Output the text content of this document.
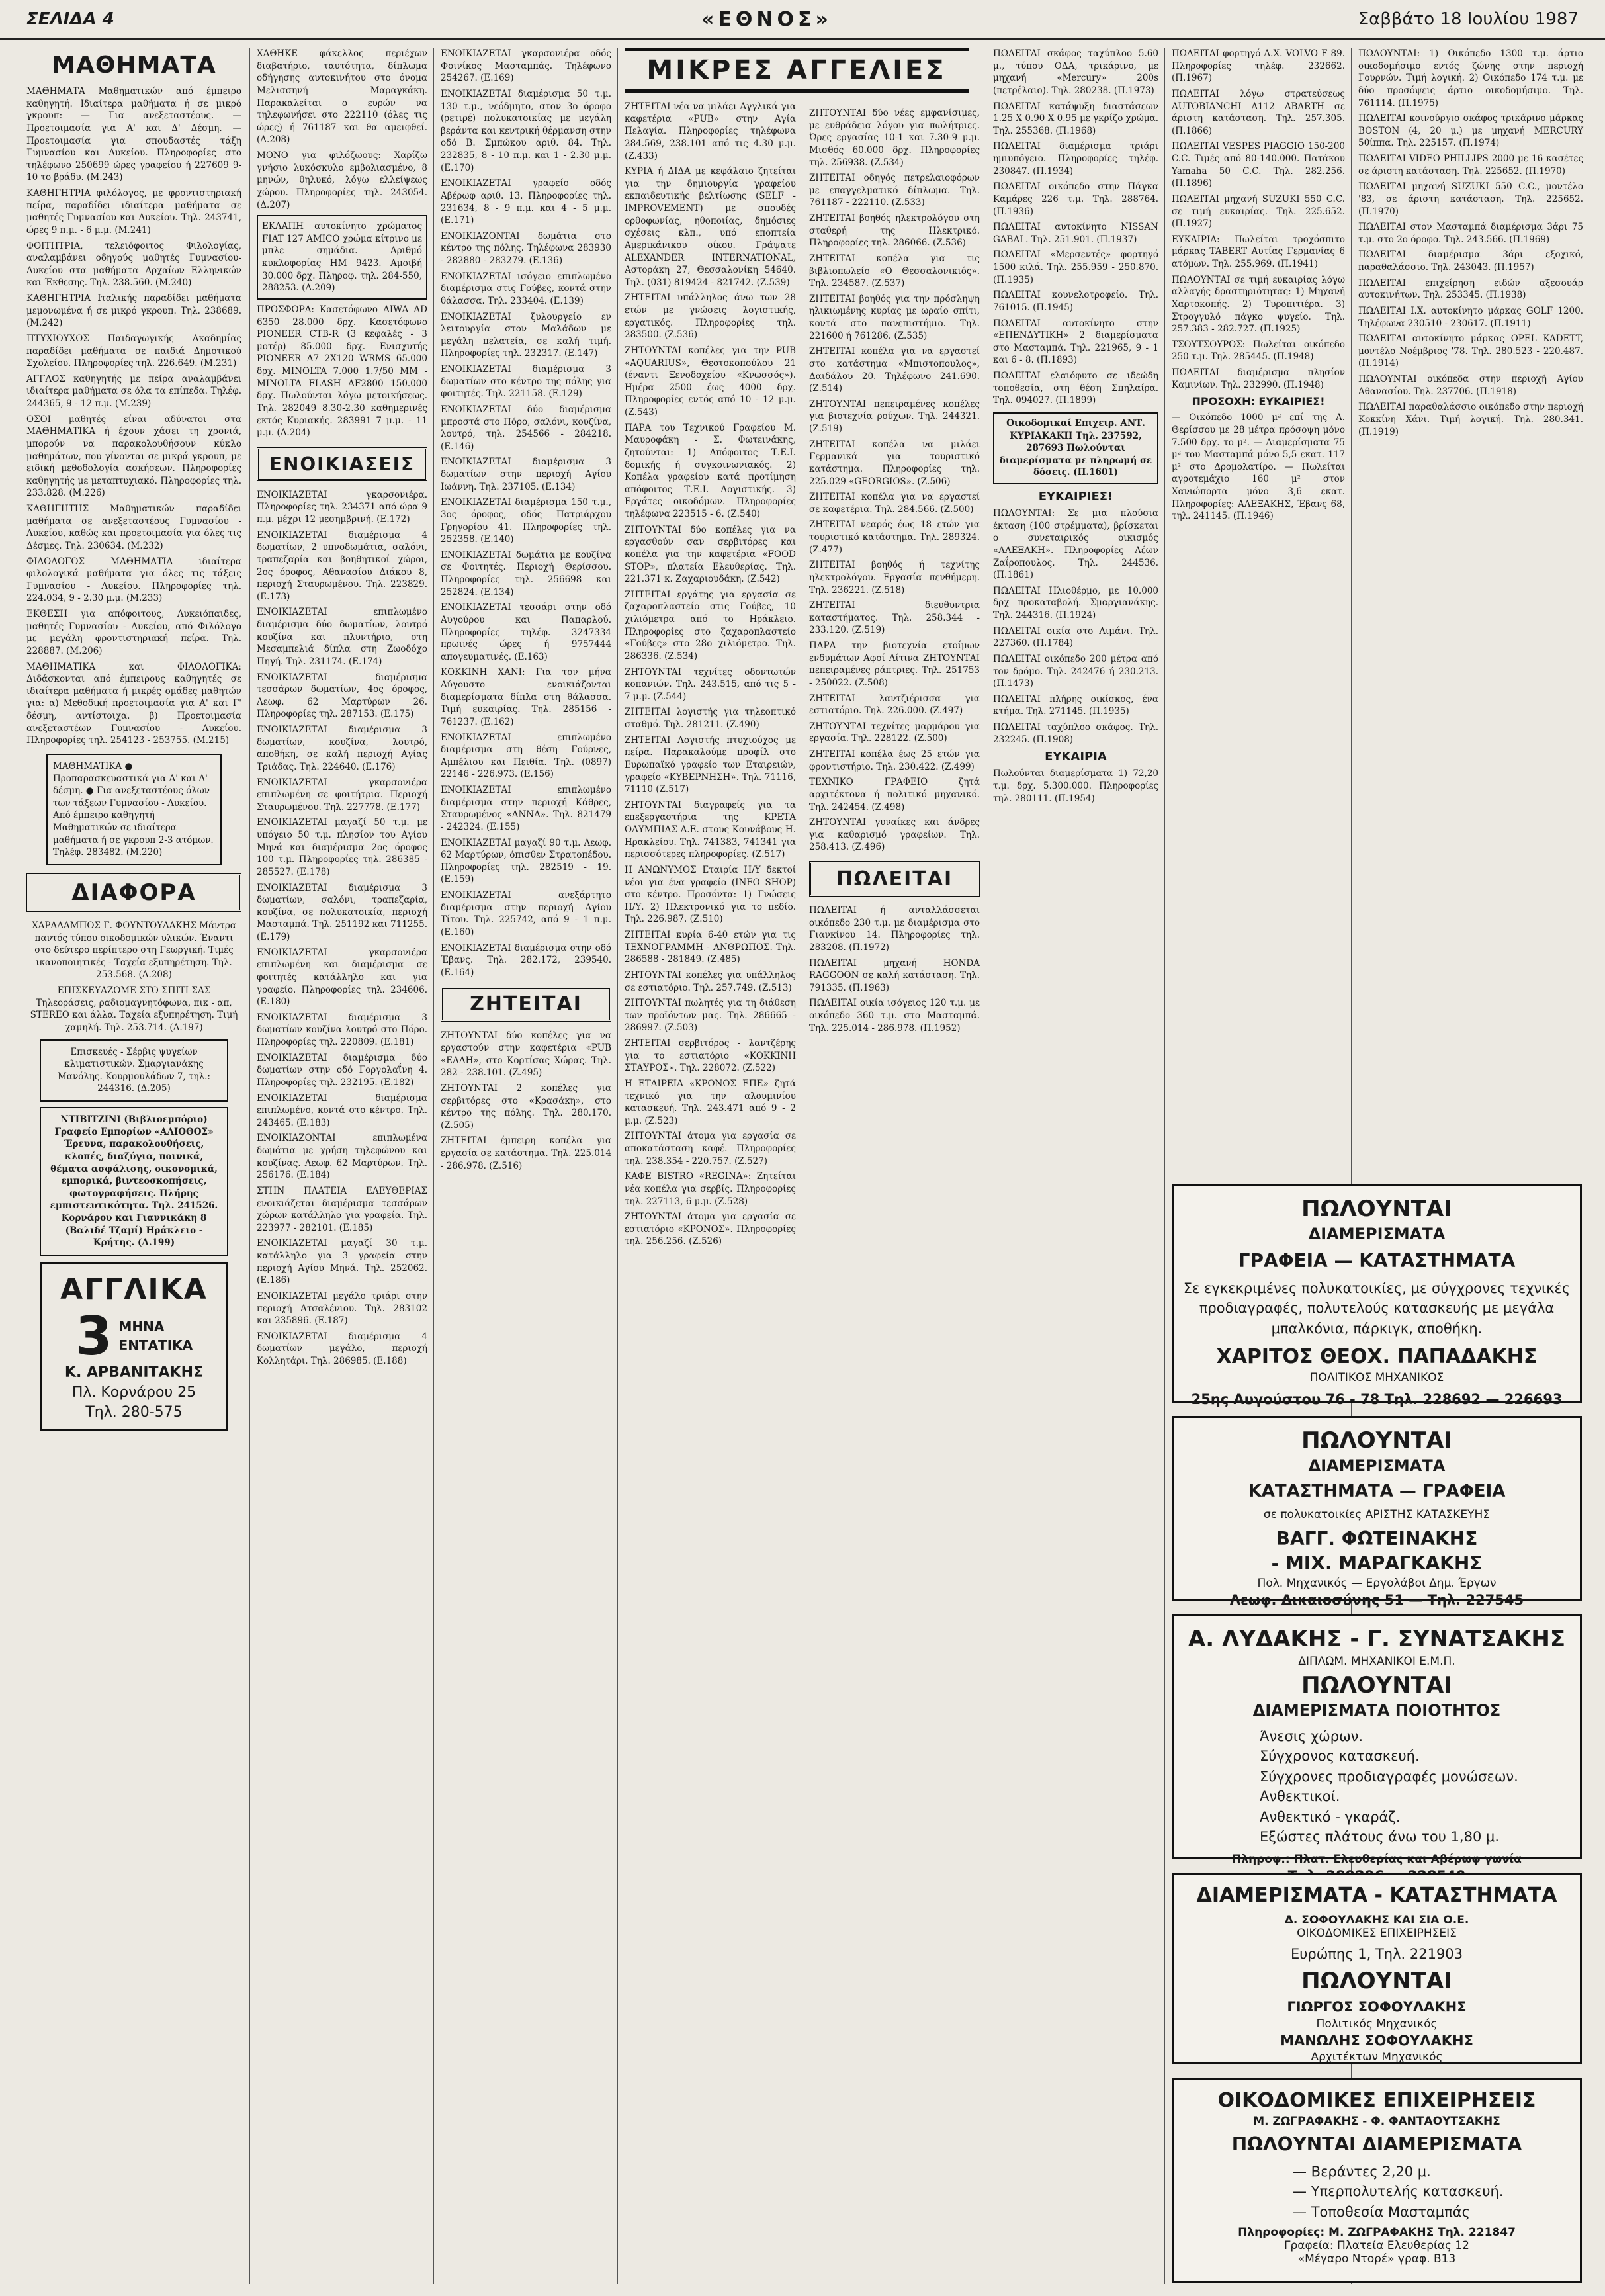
ΣΕΛΙΔΑ 4	«ΕΘΝΟΣ»	Σαββάτο 18 Ιουλίου 1987
ΜΑΘΗΜΑΤΑ

ΜΑΘΗΜΑΤΑ Μαθηματικών από έμπειρο καθηγητή. Ιδιαίτερα μαθήματα ή σε μικρό γκρουπ: — Για ανεξεταστέους. — Προετοιμασία για Α' και Δ' Δέσμη. — Προετοιμασία για σπουδαστές τάξη Γυμνασίου και Λυκείου. Πληροφορίες στο τηλέφωνο 250699 ώρες γραφείου ή 227609 9-10 το βράδυ. (Μ.243)

ΚΑΘΗΓΗΤΡΙΑ φιλόλογος, με φροντιστηριακή πείρα, παραδίδει ιδιαίτερα μαθήματα σε μαθητές Γυμνασίου και Λυκείου. Τηλ. 243741, ώρες 9 π.μ. - 6 μ.μ. (Μ.241)

ΦΟΙΤΗΤΡΙΑ, τελειόφοιτος Φιλολογίας, αναλαμβάνει οδηγούς μαθητές Γυμνασίου-Λυκείου στα μαθήματα Αρχαίων Ελληνικών και Έκθεσης. Τηλ. 238.560. (Μ.240)

ΚΑΘΗΓΗΤΡΙΑ Ιταλικής παραδίδει μαθήματα μεμονωμένα ή σε μικρό γκρουπ. Τηλ. 238689. (Μ.242)

ΠΤΥΧΙΟΥΧΟΣ Παιδαγωγικής Ακαδημίας παραδίδει μαθήματα σε παιδιά Δημοτικού Σχολείου. Πληροφορίες τηλ. 226.649. (Μ.231)

ΑΓΓΛΟΣ καθηγητής με πείρα αναλαμβάνει ιδιαίτερα μαθήματα σε όλα τα επίπεδα. Τηλέφ. 244365, 9 - 12 π.μ. (Μ.239)

ΟΣΟΙ μαθητές είναι αδύνατοι στα ΜΑΘΗΜΑΤΙΚΑ ή έχουν χάσει τη χρονιά, μπορούν να παρακολουθήσουν κύκλο μαθημάτων, που γίνονται σε μικρά γκρουπ, με ειδική μεθοδολογία ασκήσεων. Πληροφορίες καθηγητής με μεταπτυχιακό. Πληροφορίες τηλ. 233.828. (Μ.226)

ΚΑΘΗΓΗΤΗΣ Μαθηματικών παραδίδει μαθήματα σε ανεξεταστέους Γυμνασίου - Λυκείου, καθώς και προετοιμασία για όλες τις Δέσμες. Τηλ. 230634. (Μ.232)

ΦΙΛΟΛΟΓΟΣ ΜΑΘΗΜΑΤΙΑ ιδιαίτερα φιλολογικά μαθήματα για όλες τις τάξεις Γυμνασίου - Λυκείου. Πληροφορίες τηλ. 224.034, 9 - 2.30 μ.μ. (Μ.233)

ΕΚΘΕΣΗ για απόφοιτους, Λυκειόπαιδες, μαθητές Γυμνασίου - Λυκείου, από Φιλόλογο με μεγάλη φροντιστηριακή πείρα. Τηλ. 228887. (Μ.206)

ΜΑΘΗΜΑΤΙΚΑ και ΦΙΛΟΛΟΓΙΚΑ: Διδάσκονται από έμπειρους καθηγητές σε ιδιαίτερα μαθήματα ή μικρές ομάδες μαθητών για: α) Μεθοδική προετοιμασία για Α' και Γ' δέσμη, αντίστοιχα. β) Προετοιμασία ανεξεταστέων Γυμνασίου - Λυκείου. Πληροφορίες τηλ. 254123 - 253755. (Μ.215)

ΜΑΘΗΜΑΤΙΚΑ ● Προπαρασκευαστικά για Α' και Δ' δέσμη. ● Για ανεξεταστέους όλων των τάξεων Γυμνασίου - Λυκείου. Από έμπειρο καθηγητή Μαθηματικών σε ιδιαίτερα μαθήματα ή σε γκρουπ 2-3 ατόμων. Τηλέφ. 283482. (Μ.220)
ΔΙΑΦΟΡΑ

ΧΑΡΑΛΑΜΠΟΣ Γ. ΦΟΥΝΤΟΥΛΑΚΗΣ Μάντρα παντός τύπου οικοδομικών υλικών. Έναντι στο δεύτερο περίπτερο στη Γεωργική. Τιμές ικανοποιητικές - Ταχεία εξυπηρέτηση. Τηλ. 253.568. (Δ.208)

ΕΠΙΣΚΕΥΑΖΟΜΕ ΣΤΟ ΣΠΙΤΙ ΣΑΣ Τηλεοράσεις, ραδιομαγνητόφωνα, πικ - απ, STEREO και άλλα. Ταχεία εξυπηρέτηση. Τιμή χαμηλή. Τηλ. 253.714. (Δ.197)

Επισκευές - Σέρβις ψυγείων κλιματιστικών. Σμαργιανάκης Μανόλης. Κουρμουλάδων 7, τηλ.: 244316. (Δ.205)
ΝΤΙΒΙΤΖΙΝΙ (Βιβλιοεμπόριο) Γραφείο Εμπορίων «ΑΛΙΟΘΟΣ» Έρευνα, παρακολουθήσεις, κλοπές, διαζύγια, ποινικά, θέματα ασφάλισης, οικονομικά, εμπορικά, βιντεοσκοπήσεις, φωτογραφήσεις. Πλήρης εμπιστευτικότητα. Τηλ. 241526. Κορνάρου και Γιαννικάκη 8 (Βαλιδέ Τζαμί) Ηράκλειο - Κρήτης. (Δ.199)
ΑΓΓΛΙΚΑ
3 ΜΗΝΑ
ΕΝΤΑΤΙΚΑ
Κ. ΑΡΒΑΝΙΤΑΚΗΣ
Πλ. Κορνάρου 25
Τηλ. 280-575

ΧΑΘΗΚΕ φάκελλος περιέχων διαβατήριο, ταυτότητα, δίπλωμα οδήγησης αυτοκινήτου στο όνομα Μελισσηνή Μαραγκάκη. Παρακαλείται ο ευρών να τηλεφωνήσει στο 222110 (όλες τις ώρες) ή 761187 και θα αμειφθεί. (Δ.208)

ΜΟΝΟ για φιλόζωους: Χαρίζω γνήσιο λυκόσκυλο εμβολιασμένο, 8 μηνών, θηλυκό, λόγω ελλείψεως χώρου. Πληροφορίες τηλ. 243054. (Δ.207)

ΕΚΛΑΠΗ αυτοκίνητο χρώματος FIAT 127 AMICO χρώμα κίτρινο με μπλε σημάδια. Αριθμό κυκλοφορίας ΗΜ 9423. Αμοιβή 30.000 δρχ. Πληροφ. τηλ. 284-550, 288253. (Δ.209)

ΠΡΟΣΦΟΡΑ: Κασετόφωνο AIWA AD 6350 28.000 δρχ. Κασετόφωνο PIONEER CTB-R (3 κεφαλές - 3 μοτέρ) 85.000 δρχ. Ενισχυτής PIONEER A7 2X120 WRMS 65.000 δρχ. MINOLTA 7.000 1.7/50 MM - MINOLTA FLASH AF2800 150.000 δρχ. Πωλούνται λόγω μετοικήσεως. Τηλ. 282049 8.30-2.30 καθημερινές εκτός Κυριακής. 283991 7 μ.μ. - 11 μ.μ. (Δ.204)

ΕΝΟΙΚΙΑΣΕΙΣ

ΕΝΟΙΚΙΑΖΕΤΑΙ γκαρσονιέρα. Πληροφορίες τηλ. 234371 από ώρα 9 π.μ. μέχρι 12 μεσημβρινή. (Ε.172)

ΕΝΟΙΚΙΑΖΕΤΑΙ διαμέρισμα 4 δωματίων, 2 υπνοδωμάτια, σαλόνι, τραπεζαρία και βοηθητικοί χώροι, 2ος όροφος, Αθανασίου Διάκου 8, περιοχή Σταυρωμένου. Τηλ. 223829. (Ε.173)

ΕΝΟΙΚΙΑΖΕΤΑΙ επιπλωμένο διαμέρισμα δύο δωματίων, λουτρό κουζίνα και πλυντήριο, στη Μεσαμπελιά δίπλα στη Ζωοδόχο Πηγή. Τηλ. 231174. (Ε.174)

ΕΝΟΙΚΙΑΖΕΤΑΙ διαμέρισμα τεσσάρων δωματίων, 4ος όροφος, Λεωφ. 62 Μαρτύρων 26. Πληροφορίες τηλ. 287153. (Ε.175)

ΕΝΟΙΚΙΑΖΕΤΑΙ διαμέρισμα 3 δωματίων, κουζίνα, λουτρό, αποθήκη, σε καλή περιοχή Αγίας Τριάδας. Τηλ. 224640. (Ε.176)

ΕΝΟΙΚΙΑΖΕΤΑΙ γκαρσονιέρα επιπλωμένη σε φοιτήτρια. Περιοχή Σταυρωμένου. Τηλ. 227778. (Ε.177)

ΕΝΟΙΚΙΑΖΕΤΑΙ μαγαζί 50 τ.μ. με υπόγειο 50 τ.μ. πλησίον του Αγίου Μηνά και διαμέρισμα 2ος όροφος 100 τ.μ. Πληροφορίες τηλ. 286385 - 285527. (Ε.178)

ΕΝΟΙΚΙΑΖΕΤΑΙ διαμέρισμα 3 δωματίων, σαλόνι, τραπεζαρία, κουζίνα, σε πολυκατοικία, περιοχή Μασταμπά. Τηλ. 251192 και 711255. (Ε.179)

ΕΝΟΙΚΙΑΖΕΤΑΙ γκαρσονιέρα επιπλωμένη και διαμέρισμα σε φοιτητές κατάλληλο και για γραφείο. Πληροφορίες τηλ. 234606. (Ε.180)

ΕΝΟΙΚΙΑΖΕΤΑΙ διαμέρισμα 3 δωματίων κουζίνα λουτρό στο Πόρο. Πληροφορίες τηλ. 220809. (Ε.181)

ΕΝΟΙΚΙΑΖΕΤΑΙ διαμέρισμα δύο δωματίων στην οδό Γοργολαΐνη 4. Πληροφορίες τηλ. 232195. (Ε.182)

ΕΝΟΙΚΙΑΖΕΤΑΙ διαμέρισμα επιπλωμένο, κοντά στο κέντρο. Τηλ. 243465. (Ε.183)

ΕΝΟΙΚΙΑΖΟΝΤΑΙ επιπλωμένα δωμάτια με χρήση τηλεφώνου και κουζίνας. Λεωφ. 62 Μαρτύρων. Τηλ. 256176. (Ε.184)

ΣΤΗΝ ΠΛΑΤΕΙΑ ΕΛΕΥΘΕΡΙΑΣ ενοικιάζεται διαμέρισμα τεσσάρων χώρων κατάλληλο για γραφεία. Τηλ. 223977 - 282101. (Ε.185)

ΕΝΟΙΚΙΑΖΕΤΑΙ μαγαζί 30 τ.μ. κατάλληλο για 3 γραφεία στην περιοχή Αγίου Μηνά. Τηλ. 252062. (Ε.186)

ΕΝΟΙΚΙΑΖΕΤΑΙ μεγάλο τριάρι στην περιοχή Ατσαλένιου. Τηλ. 283102 και 235896. (Ε.187)

ΕΝΟΙΚΙΑΖΕΤΑΙ διαμέρισμα 4 δωματίων μεγάλο, περιοχή Κολλητάρι. Τηλ. 286985. (Ε.188)

ΕΝΟΙΚΙΑΖΕΤΑΙ γκαρσονιέρα οδός Φοινίκος Μασταμπάς. Τηλέφωνο 254267. (Ε.169)

ΕΝΟΙΚΙΑΖΕΤΑΙ διαμέρισμα 50 τ.μ. 130 τ.μ., νεόδμητο, στον 3ο όροφο (ρετιρέ) πολυκατοικίας με μεγάλη βεράντα και κεντρική θέρμανση στην οδό Β. Σμπώκου αριθ. 84. Τηλ. 232835, 8 - 10 π.μ. και 1 - 2.30 μ.μ. (Ε.170)

ΕΝΟΙΚΙΑΖΕΤΑΙ γραφείο οδός Αβέρωφ αριθ. 13. Πληροφορίες τηλ. 231634, 8 - 9 π.μ. και 4 - 5 μ.μ. (Ε.171)

ΕΝΟΙΚΙΑΖΟΝΤΑΙ δωμάτια στο κέντρο της πόλης. Τηλέφωνα 283930 - 282880 - 283279. (Ε.136)

ΕΝΟΙΚΙΑΖΕΤΑΙ ισόγειο επιπλωμένο διαμέρισμα στις Γούβες, κοντά στην θάλασσα. Τηλ. 233404. (Ε.139)

ΕΝΟΙΚΙΑΖΕΤΑΙ ξυλουργείο εν λειτουργία στον Μαλάδων με μεγάλη πελατεία, σε καλή τιμή. Πληροφορίες τηλ. 232317. (Ε.147)

ΕΝΟΙΚΙΑΖΕΤΑΙ διαμέρισμα 3 δωματίων στο κέντρο της πόλης για φοιτητές. Τηλ. 221158. (Ε.129)

ΕΝΟΙΚΙΑΖΕΤΑΙ δύο διαμέρισμα μπροστά στο Πόρο, σαλόνι, κουζίνα, λουτρό, τηλ. 254566 - 284218. (Ε.146)

ΕΝΟΙΚΙΑΖΕΤΑΙ διαμέρισμα 3 δωματίων στην περιοχή Αγίου Ιωάννη. Τηλ. 237105. (Ε.134)

ΕΝΟΙΚΙΑΖΕΤΑΙ διαμέρισμα 150 τ.μ., 3ος όροφος, οδός Πατριάρχου Γρηγορίου 41. Πληροφορίες τηλ. 252358. (Ε.140)

ΕΝΟΙΚΙΑΖΕΤΑΙ δωμάτια με κουζίνα σε Φοιτητές. Περιοχή Θερίσσου. Πληροφορίες τηλ. 256698 και 252824. (Ε.134)

ΕΝΟΙΚΙΑΖΕΤΑΙ τεσσάρι στην οδό Αυγούρου και Παπαρλού. Πληροφορίες τηλέφ. 3247334 πρωινές ώρες ή 9757444 απογευματινές. (Ε.163)

ΚΟΚΚΙΝΗ ΧΑΝΙ: Για τον μήνα Αύγουστο ενοικιάζονται διαμερίσματα δίπλα στη θάλασσα. Τιμή ευκαιρίας. Τηλ. 285156 - 761237. (Ε.162)

ΕΝΟΙΚΙΑΖΕΤΑΙ επιπλωμένο διαμέρισμα στη θέση Γούρνες, Αμπέλιου και Πειθία. Τηλ. (0897) 22146 - 226.973. (Ε.156)

ΕΝΟΙΚΙΑΖΕΤΑΙ επιπλωμένο διαμέρισμα στην περιοχή Κάθρες, Σταυρωμένος «ANNA». Τηλ. 821479 - 242324. (Ε.155)

ΕΝΟΙΚΙΑΖΕΤΑΙ μαγαζί 90 τ.μ. Λεωφ. 62 Μαρτύρων, όπισθεν Στρατοπέδου. Πληροφορίες τηλ. 282519 - 19. (Ε.159)

ΕΝΟΙΚΙΑΖΕΤΑΙ ανεξάρτητο διαμέρισμα στην περιοχή Αγίου Τίτου. Τηλ. 225742, από 9 - 1 π.μ. (Ε.160)

ΕΝΟΙΚΙΑΖΕΤΑΙ διαμέρισμα στην οδό Έβανς. Τηλ. 282.172, 239540. (Ε.164)

ΖΗΤΕΙΤΑΙ

ΖΗΤΟΥΝΤΑΙ δύο κοπέλες για να εργαστούν στην καφετέρια «PUB «ΕΛΛΗ», στο Κορτίσας Χώρας. Τηλ. 282 - 238.101. (Ζ.495)

ΖΗΤΟΥΝΤΑΙ 2 κοπέλες για σερβιτόρες στο «Κρασάκη», στο κέντρο της πόλης. Τηλ. 280.170. (Ζ.505)

ΖΗΤΕΙΤΑΙ έμπειρη κοπέλα για εργασία σε κατάστημα. Τηλ. 225.014 - 286.978. (Ζ.516)

ΜΙΚΡΕΣ ΑΓΓΕΛΙΕΣ

ΖΗΤΕΙΤΑΙ νέα να μιλάει Αγγλικά για καφετέρια «PUB» στην Αγία Πελαγία. Πληροφορίες τηλέφωνα 284.569, 238.101 από τις 4.30 μ.μ. (Ζ.433)

ΚΥΡΙΑ ή ΔΙΔΑ με κεφάλαιο ζητείται για την δημιουργία γραφείου εκπαιδευτικής βελτίωσης (SELF - IMPROVEMENT) με σπουδές ορθοφωνίας, ηθοποιίας, δημόσιες σχέσεις κλπ., υπό εποπτεία Αμερικάνικου οίκου. Γράψατε ALEXANDER INTERNATIONAL, Αστοράκη 27, Θεσσαλονίκη 54640. Τηλ. (031) 819424 - 821742. (Ζ.539)

ΖΗΤΕΙΤΑΙ υπάλληλος άνω των 28 ετών με γνώσεις λογιστικής, εργατικός. Πληροφορίες τηλ. 283500. (Ζ.536)

ΖΗΤΟΥΝΤΑΙ κοπέλες για την PUB «AQUARIUS», Θεοτοκοπούλου 21 (έναντι Ξενοδοχείου «Κνωσσός»). Ημέρα 2500 έως 4000 δρχ. Πληροφορίες εντός από 10 - 12 μ.μ. (Ζ.543)

ΠΑΡΑ του Τεχνικού Γραφείου Μ. Μαυροφάκη - Σ. Φωτεινάκης, ζητούνται: 1) Απόφοιτος Τ.Ε.Ι. δομικής ή συγκοινωνιακός. 2) Κοπέλα γραφείου κατά προτίμηση απόφοιτος Τ.Ε.Ι. Λογιστικής. 3) Εργάτες οικοδόμων. Πληροφορίες τηλέφωνα 223515 - 6. (Ζ.540)

ΖΗΤΟΥΝΤΑΙ δύο κοπέλες για να εργασθούν σαν σερβιτόρες και κοπέλα για την καφετέρια «FOOD STOP», πλατεία Ελευθερίας. Τηλ. 221.371 κ. Ζαχαριουδάκη. (Ζ.542)

ΖΗΤΕΙΤΑΙ εργάτης για εργασία σε ζαχαροπλαστείο στις Γούβες, 10 χιλιόμετρα από το Ηράκλειο. Πληροφορίες στο ζαχαροπλαστείο «Γούβες» στο 28ο χιλιόμετρο. Τηλ. 286336. (Ζ.534)

ΖΗΤΟΥΝΤΑΙ τεχνίτες οδοντωτών κοπανιών. Τηλ. 243.515, από τις 5 - 7 μ.μ. (Ζ.544)

ΖΗΤΕΙΤΑΙ λογιστής για τηλεοπτικό σταθμό. Τηλ. 281211. (Ζ.490)

ΖΗΤΕΙΤΑΙ Λογιστής πτυχιούχος με πείρα. Παρακαλούμε προφίλ στο Ευρωπαϊκό γραφείο των Εταιρειών, γραφείο «ΚΥΒΕΡΝΗΣΗ». Τηλ. 71116, 71110 (Ζ.517)

ΖΗΤΟΥΝΤΑΙ διαγραφείς για τα επεξεργαστήρια της ΚΡΕΤΑ ΟΛΥΜΠΙΑΣ Α.Ε. στους Κουνάβους Η. Ηρακλείου. Τηλ. 741383, 741341 για περισσότερες πληροφορίες. (Ζ.517)

Η ΑΝΩΝΥΜΟΣ Εταιρία Η/Υ δεκτοί νέοι για ένα γραφείο (INFO SHOP) στο κέντρο. Προσόντα: 1) Γνώσεις Η/Υ. 2) Ηλεκτρονικό για το πεδίο. Τηλ. 226.987. (Ζ.510)

ΖΗΤΕΙΤΑΙ κυρία 6-40 ετών για τις ΤΕΧΝΟΓΡΑΜΜΗ - ΑΝΘΡΩΠΟΣ. Τηλ. 286588 - 281849. (Ζ.485)

ΖΗΤΟΥΝΤΑΙ κοπέλες για υπάλληλος σε εστιατόριο. Τηλ. 257.749. (Ζ.513)

ΖΗΤΟΥΝΤΑΙ πωλητές για τη διάθεση των προϊόντων μας. Τηλ. 286665 - 286997. (Ζ.503)

ΖΗΤΕΙΤΑΙ σερβιτόρος - λαντζέρης για το εστιατόριο «ΚΟΚΚΙΝΗ ΣΤΑΥΡΟΣ». Τηλ. 228072. (Ζ.522)

Η ΕΤΑΙΡΕΙΑ «ΚΡΟΝΟΣ ΕΠΕ» ζητά τεχνικό για την αλουμινίου κατασκευή. Τηλ. 243.471 από 9 - 2 μ.μ. (Ζ.523)

ΖΗΤΟΥΝΤΑΙ άτομα για εργασία σε αποκατάσταση καφέ. Πληροφορίες τηλ. 238.354 - 220.757. (Ζ.527)

ΚΑΦΕ BISTRO «REGINA»: Ζητείται νέα κοπέλα για σερβίς. Πληροφορίες τηλ. 227113, 6 μ.μ. (Ζ.528)

ΖΗΤΟΥΝΤΑΙ άτομα για εργασία σε εστιατόριο «ΚΡΟΝΟΣ». Πληροφορίες τηλ. 256.256. (Ζ.526)

ΖΗΤΟΥΝΤΑΙ δύο νέες εμφανίσιμες, με ευθράδεια λόγου για πωλήτριες. Ώρες εργασίας 10-1 και 7.30-9 μ.μ. Μισθός 60.000 δρχ. Πληροφορίες τηλ. 256938. (Ζ.534)

ΖΗΤΕΙΤΑΙ οδηγός πετρελαιοφόρων με επαγγελματικό δίπλωμα. Τηλ. 761187 - 222110. (Ζ.533)

ΖΗΤΕΙΤΑΙ βοηθός ηλεκτρολόγου στη σταθερή της Ηλεκτρικό. Πληροφορίες τηλ. 286066. (Ζ.536)

ΖΗΤΕΙΤΑΙ κοπέλα για τις βιβλιοπωλείο «Ο Θεσσαλονικιός». Τηλ. 234587. (Ζ.537)

ΖΗΤΕΙΤΑΙ βοηθός για την πρόσληψη ηλικιωμένης κυρίας με ωραίο σπίτι, κοντά στο πανεπιστήμιο. Τηλ. 221600 ή 761286. (Ζ.535)

ΖΗΤΕΙΤΑΙ κοπέλα για να εργαστεί στο κατάστημα «Μπιστοπουλος», Δαιδάλου 20. Τηλέφωνο 241.690. (Ζ.514)

ΖΗΤΟΥΝΤΑΙ πεπειραμένες κοπέλες για βιοτεχνία ρούχων. Τηλ. 244321. (Ζ.519)

ΖΗΤΕΙΤΑΙ κοπέλα να μιλάει Γερμανικά για τουριστικό κατάστημα. Πληροφορίες τηλ. 225.029 «GEORGIOS». (Ζ.506)

ΖΗΤΕΙΤΑΙ κοπέλα για να εργαστεί σε καφετέρια. Τηλ. 284.566. (Ζ.500)

ΖΗΤΕΙΤΑΙ νεαρός έως 18 ετών για τουριστικό κατάστημα. Τηλ. 289324. (Ζ.477)

ΖΗΤΕΙΤΑΙ βοηθός ή τεχνίτης ηλεκτρολόγου. Εργασία πενθήμερη. Τηλ. 236221. (Ζ.518)

ΖΗΤΕΙΤΑΙ διευθυντρια καταστήματος. Τηλ. 258.344 - 233.120. (Ζ.519)

ΠΑΡΑ την βιοτεχνία ετοίμων ενδυμάτων Αφοί Λίτινα ΖΗΤΟΥΝΤΑΙ πεπειραμένες ράπτριες. Τηλ. 251753 - 250022. (Ζ.508)

ΖΗΤΕΙΤΑΙ λαντζιέρισσα για εστιατόριο. Τηλ. 226.000. (Ζ.497)

ΖΗΤΟΥΝΤΑΙ τεχνίτες μαρμάρου για εργασία. Τηλ. 228122. (Ζ.500)

ΖΗΤΕΙΤΑΙ κοπέλα έως 25 ετών για φροντιστήριο. Τηλ. 230.422. (Ζ.499)

ΤΕΧΝΙΚΟ ΓΡΑΦΕΙΟ ζητά αρχιτέκτονα ή πολιτικό μηχανικό. Τηλ. 242454. (Ζ.498)

ΖΗΤΟΥΝΤΑΙ γυναίκες και άνδρες για καθαρισμό γραφείων. Τηλ. 258.413. (Ζ.496)

ΠΩΛΕΙΤΑΙ

ΠΩΛΕΙΤΑΙ ή ανταλλάσσεται οικόπεδο 230 τ.μ. με διαμέρισμα στο Γιανκίνου 14. Πληροφορίες τηλ. 283208. (Π.1972)

ΠΩΛΕΙΤΑΙ μηχανή HONDA RAGGOON σε καλή κατάσταση. Τηλ. 791335. (Π.1963)

ΠΩΛΕΙΤΑΙ οικία ισόγειος 120 τ.μ. με οικόπεδο 360 τ.μ. στο Μασταμπά. Τηλ. 225.014 - 286.978. (Π.1952)

ΠΩΛΕΙΤΑΙ σκάφος ταχύπλοο 5.60 μ., τύπου ΟΔΑ, τρικάρινο, με μηχανή «Mercury» 200s (πετρέλαιο). Τηλ. 280238. (Π.1973)

ΠΩΛΕΙΤΑΙ κατάψυξη διαστάσεων 1.25 Χ 0.90 Χ 0.95 με γκρίζο χρώμα. Τηλ. 255368. (Π.1968)

ΠΩΛΕΙΤΑΙ διαμέρισμα τριάρι ημιυπόγειο. Πληροφορίες τηλέφ. 230847. (Π.1934)

ΠΩΛΕΙΤΑΙ οικόπεδο στην Πάγκα Καμάρες 226 τ.μ. Τηλ. 288764. (Π.1936)

ΠΩΛΕΙΤΑΙ αυτοκίνητο NISSAN GABAL. Τηλ. 251.901. (Π.1937)

ΠΩΛΕΙΤΑΙ «Μερσεντές» φορτηγό 1500 κιλά. Τηλ. 255.959 - 250.870. (Π.1935)

ΠΩΛΕΙΤΑΙ κουνελοτροφείο. Τηλ. 761015. (Π.1945)

ΠΩΛΕΙΤΑΙ αυτοκίνητο στην «ΕΠΕΝΔΥΤΙΚΗ» 2 διαμερίσματα στο Μασταμπά. Τηλ. 221965, 9 - 1 και 6 - 8. (Π.1893)

ΠΩΛΕΙΤΑΙ ελαιόφυτο σε ιδεώδη τοποθεσία, στη θέση Σπηλαίρα. Τηλ. 094027. (Π.1899)

Οικοδομικαί Επιχειρ. ΑΝΤ. ΚΥΡΙΑΚΑΚΗ Τηλ. 237592, 287693 Πωλούνται διαμερίσματα με πληρωμή σε δόσεις. (Π.1601)
ΕΥΚΑΙΡΙΕΣ!

ΠΩΛΟΥΝΤΑΙ: Σε μια πλούσια έκταση (100 στρέμματα), βρίσκεται ο συνεταιρικός οικισμός «ΑΛΕΞΑΚΗ». Πληροφορίες Λέων Ζαΐροπουλος. Τηλ. 244536. (Π.1861)

ΠΩΛΕΙΤΑΙ Ηλιοθέρμο, με 10.000 δρχ προκαταβολή. Σμαργιανάκης. Τηλ. 244316. (Π.1924)

ΠΩΛΕΙΤΑΙ οικία στο Λιμάνι. Τηλ. 227360. (Π.1784)

ΠΩΛΕΙΤΑΙ οικόπεδο 200 μέτρα από τον δρόμο. Τηλ. 242476 ή 230.213. (Π.1473)

ΠΩΛΕΙΤΑΙ πλήρης οικίσκος, ένα κτήμα. Τηλ. 271145. (Π.1935)

ΠΩΛΕΙΤΑΙ ταχύπλοο σκάφος. Τηλ. 232245. (Π.1908)

ΕΥΚΑΙΡΙΑ

Πωλούνται διαμερίσματα 1) 72,20 τ.μ. δρχ. 5.300.000. Πληροφορίες τηλ. 280111. (Π.1954)

ΠΩΛΕΙΤΑΙ φορτηγό Δ.Χ. VOLVO F 89. Πληροφορίες τηλέφ. 232662. (Π.1967)

ΠΩΛΕΙΤΑΙ λόγω στρατεύσεως AUTOBIANCHI A112 ABARTH σε άριστη κατάσταση. Τηλ. 257.305. (Π.1866)

ΠΩΛΕΙΤΑΙ VESPES PIAGGIO 150-200 C.C. Τιμές από 80-140.000. Πατάκου Yamaha 50 C.C. Τηλ. 282.256. (Π.1896)

ΠΩΛΕΙΤΑΙ μηχανή SUZUKI 550 C.C. σε τιμή ευκαιρίας. Τηλ. 225.652. (Π.1927)

ΕΥΚΑΙΡΙΑ: Πωλείται τροχόσπιτο μάρκας TABERT Αυτίας Γερμανίας 6 ατόμων. Τηλ. 255.969. (Π.1941)

ΠΩΛΟΥΝΤΑΙ σε τιμή ευκαιρίας λόγω αλλαγής δραστηριότητας: 1) Μηχανή Χαρτοκοπής. 2) Τυροπιτιέρα. 3) Στρογγυλό πάγκο ψυγείο. Τηλ. 257.383 - 282.727. (Π.1925)

ΤΣΟΥΤΣΟΥΡΟΣ: Πωλείται οικόπεδο 250 τ.μ. Τηλ. 285445. (Π.1948)

ΠΩΛΕΙΤΑΙ διαμέρισμα πλησίον Καμινίων. Τηλ. 232990. (Π.1948)

ΠΡΟΣΟΧΗ: ΕΥΚΑΙΡΙΕΣ!

— Οικόπεδο 1000 μ² επί της Α. Θερίσσου με 28 μέτρα πρόσοψη μόνο 7.500 δρχ. το μ². — Διαμερίσματα 75 μ² του Μασταμπά μόνο 5,5 εκατ. 117 μ² στο Δρομολατίρο. — Πωλείται αγροτεμάχιο 160 μ² στον Χανιώπορτα μόνο 3,6 εκατ. Πληροφορίες: ΑΛΕΞΑΚΗΣ, Έβανς 68, τηλ. 241145. (Π.1946)

ΠΩΛΟΥΝΤΑΙ: 1) Οικόπεδο 1300 τ.μ. άρτιο οικοδομήσιμο εντός ζώνης στην περιοχή Γουρνών. Τιμή λογική. 2) Οικόπεδο 174 τ.μ. με δύο προσόψεις άρτιο οικοδομήσιμο. Τηλ. 761114. (Π.1975)

ΠΩΛΕΙΤΑΙ κοινούργιο σκάφος τρικάρινο μάρκας BOSTON (4, 20 μ.) με μηχανή MERCURY 50ίππα. Τηλ. 225157. (Π.1974)

ΠΩΛΕΙΤΑΙ VIDEO PHILLIPS 2000 με 16 κασέτες σε άριστη κατάσταση. Τηλ. 225652. (Π.1970)

ΠΩΛΕΙΤΑΙ μηχανή SUZUKI 550 C.C., μοντέλο '83, σε άριστη κατάσταση. Τηλ. 225652. (Π.1970)

ΠΩΛΕΙΤΑΙ στον Μασταμπά διαμέρισμα 3άρι 75 τ.μ. στο 2ο όροφο. Τηλ. 243.566. (Π.1969)

ΠΩΛΕΙΤΑΙ διαμέρισμα 3άρι εξοχικό, παραθαλάσσιο. Τηλ. 243043. (Π.1957)

ΠΩΛΕΙΤΑΙ επιχείρηση ειδών αξεσουάρ αυτοκινήτων. Τηλ. 253345. (Π.1938)

ΠΩΛΕΙΤΑΙ Ι.Χ. αυτοκίνητο μάρκας GOLF 1200. Τηλέφωνα 230510 - 230617. (Π.1911)

ΠΩΛΕΙΤΑΙ αυτοκίνητο μάρκας OPEL KADETT, μοντέλο Νοέμβριος '78. Τηλ. 280.523 - 220.487. (Π.1914)

ΠΩΛΟΥΝΤΑΙ οικόπεδα στην περιοχή Αγίου Αθανασίου. Τηλ. 237706. (Π.1918)

ΠΩΛΕΙΤΑΙ παραθαλάσσιο οικόπεδο στην περιοχή Κοκκίνη Χάνι. Τιμή λογική. Τηλ. 280.341. (Π.1919)

ΠΩΛΟΥΝΤΑΙ
ΔΙΑΜΕΡΙΣΜΑΤΑ
ΓΡΑΦΕΙΑ — ΚΑΤΑΣΤΗΜΑΤΑ
Σε εγκεκριμένες πολυκατοικίες, με σύγχρονες τεχνικές προδιαγραφές, πολυτελούς κατασκευής με μεγάλα μπαλκόνια, πάρκιγκ, αποθήκη.
ΧΑΡΙΤΟΣ ΘΕΟΧ. ΠΑΠΑΔΑΚΗΣ
ΠΟΛΙΤΙΚΟΣ ΜΗΧΑΝΙΚΟΣ
25ης Αυγούστου 76 - 78 Τηλ. 228692 — 226693
ΠΩΛΟΥΝΤΑΙ
ΔΙΑΜΕΡΙΣΜΑΤΑ
ΚΑΤΑΣΤΗΜΑΤΑ — ΓΡΑΦΕΙΑ
σε πολυκατοικίες ΑΡΙΣΤΗΣ ΚΑΤΑΣΚΕΥΗΣ
ΒΑΓΓ. ΦΩΤΕΙΝΑΚΗΣ
- ΜΙΧ. ΜΑΡΑΓΚΑΚΗΣ
Πολ. Μηχανικός — Εργολάβοι Δημ. Έργων
Λεωφ. Δικαιοσύνης 51 — Τηλ. 227545
Α. ΛΥΔΑΚΗΣ - Γ. ΣΥΝΑΤΣΑΚΗΣ
ΔΙΠΛΩΜ. ΜΗΧΑΝΙΚΟΙ Ε.Μ.Π.
ΠΩΛΟΥΝΤΑΙ
ΔΙΑΜΕΡΙΣΜΑΤΑ ΠΟΙΟΤΗΤΟΣ
Άνεσις χώρων.
Σύγχρονος κατασκευή.
Σύγχρονες προδιαγραφές μονώσεων.
Ανθεκτικοί.
Ανθεκτικό - γκαράζ.
Εξώστες πλάτους άνω του 1,80 μ.
Πληροφ.: Πλατ. Ελευθερίας και Αβέρωφ γωνία
ΔΙΑΜΕΡΙΣΜΑΤΑ - ΚΑΤΑΣΤΗΜΑΤΑ
Δ. ΣΟΦΟΥΛΑΚΗΣ ΚΑΙ ΣΙΑ Ο.Ε.
ΟΙΚΟΔΟΜΙΚΕΣ ΕΠΙΧΕΙΡΗΣΕΙΣ
Ευρώπης 1, Τηλ. 221903
ΠΩΛΟΥΝΤΑΙ
ΓΙΩΡΓΟΣ ΣΟΦΟΥΛΑΚΗΣ
Πολιτικός Μηχανικός
ΜΑΝΩΛΗΣ ΣΟΦΟΥΛΑΚΗΣ
Αρχιτέκτων Μηχανικός
ΟΙΚΟΔΟΜΙΚΕΣ ΕΠΙΧΕΙΡΗΣΕΙΣ
Μ. ΖΩΓΡΑΦΑΚΗΣ - Φ. ΦΑΝΤΑΟΥΤΣΑΚΗΣ
ΠΩΛΟΥΝΤΑΙ ΔΙΑΜΕΡΙΣΜΑΤΑ
— Βεράντες 2,20 μ.
— Υπερπολυτελής κατασκευή.
— Τοποθεσία Μασταμπάς
Πληροφορίες: Μ. ΖΩΓΡΑΦΑΚΗΣ Τηλ. 221847
Γραφεία: Πλατεία Ελευθερίας 12
«Μέγαρο Ντορέ» γραφ. Β13
